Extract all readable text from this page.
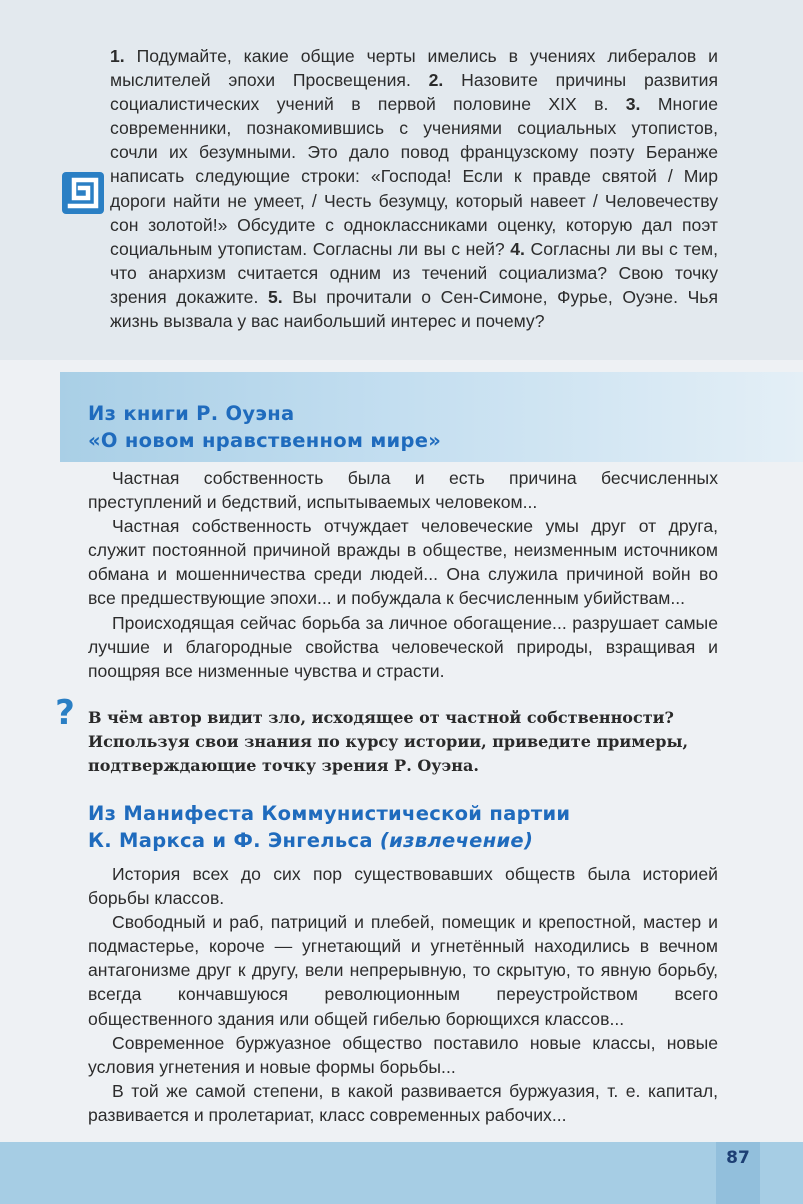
1. Подумайте, какие общие черты имелись в учениях либералов и мыслителей эпохи Просвещения. 2. Назовите причины развития социалистических учений в первой половине XIX в. 3. Многие современники, познакомившись с учениями социальных утопистов, сочли их безумными. Это дало повод французскому поэту Беранже написать следующие строки: «Господа! Если к правде святой / Мир дороги найти не умеет, / Честь безумцу, который навеет / Человечеству сон золотой!» Обсудите с одноклассниками оценку, которую дал поэт социальным утопистам. Согласны ли вы с ней? 4. Согласны ли вы с тем, что анархизм считается одним из течений социализма? Свою точку зрения докажите. 5. Вы прочитали о Сен-Симоне, Фурье, Оуэне. Чья жизнь вызвала у вас наибольший интерес и почему?

Из книги Р. Оуэна
«О новом нравственном мире»

Частная собственность была и есть причина бесчисленных преступлений и бедствий, испытываемых человеком...

Частная собственность отчуждает человеческие умы друг от друга, служит постоянной причиной вражды в обществе, неизменным источником обмана и мошенничества среди людей... Она служила причиной войн во все предшествующие эпохи... и побуждала к бесчисленным убийствам...

Происходящая сейчас борьба за личное обогащение... разрушает самые лучшие и благородные свойства человеческой природы, взращивая и поощряя все низменные чувства и страсти.

? В чём автор видит зло, исходящее от частной собственности? Используя свои знания по курсу истории, приведите примеры, подтверждающие точку зрения Р. Оуэна.

Из Манифеста Коммунистической партии
К. Маркса и Ф. Энгельса (извлечение)

История всех до сих пор существовавших обществ была историей борьбы классов.

Свободный и раб, патриций и плебей, помещик и крепостной, мастер и подмастерье, короче — угнетающий и угнетённый находились в вечном антагонизме друг к другу, вели непрерывную, то скрытую, то явную борьбу, всегда кончавшуюся революционным переустройством всего общественного здания или общей гибелью борющихся классов...

Современное буржуазное общество поставило новые классы, новые условия угнетения и новые формы борьбы...

В той же самой степени, в какой развивается буржуазия, т. е. капитал, развивается и пролетариат, класс современных рабочих...

87
